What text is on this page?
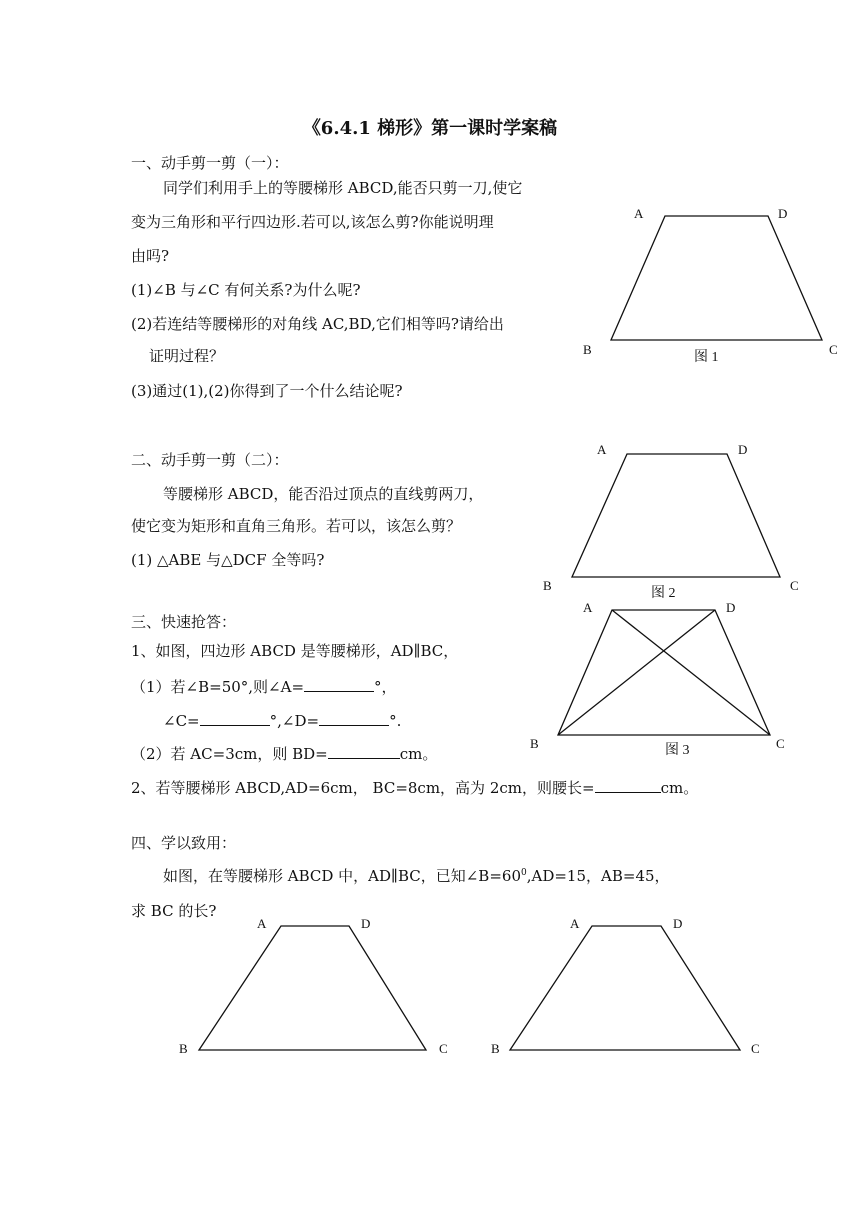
《6.4.1 梯形》第一课时学案稿
一、动手剪一剪（一）：
同学们利用手上的等腰梯形 ABCD,能否只剪一刀,使它
变为三角形和平行四边形.若可以,该怎么剪?你能说明理
由吗?
(1)∠B 与∠C 有何关系?为什么呢?
(2)若连结等腰梯形的对角线 AC,BD,它们相等吗?请给出
证明过程？
(3)通过(1),(2)你得到了一个什么结论呢?
二、动手剪一剪（二）：
等腰梯形 ABCD，能否沿过顶点的直线剪两刀，
使它变为矩形和直角三角形。若可以，该怎么剪？
(1) △ABE 与△DCF 全等吗?
三、快速抢答：
1、如图，四边形 ABCD 是等腰梯形，AD∥BC，
（1）若∠B=50°,则∠A=	°，
∠C=	°,∠D=	°.
（2）若 AC=3cm，则 BD=	cm。
2、若等腰梯形 ABCD,AD=6cm， BC=8cm，高为 2cm，则腰长=	cm。
四、学以致用：
如图，在等腰梯形 ABCD 中，AD∥BC，已知$\angle B=60^0,AD=15$，AB=45，
求 BC 的长?
A	D
B	C
图 1
A	D
B	C
图 2
A	D
B	C
图 3
A	D
B	C
A	D
B	C
